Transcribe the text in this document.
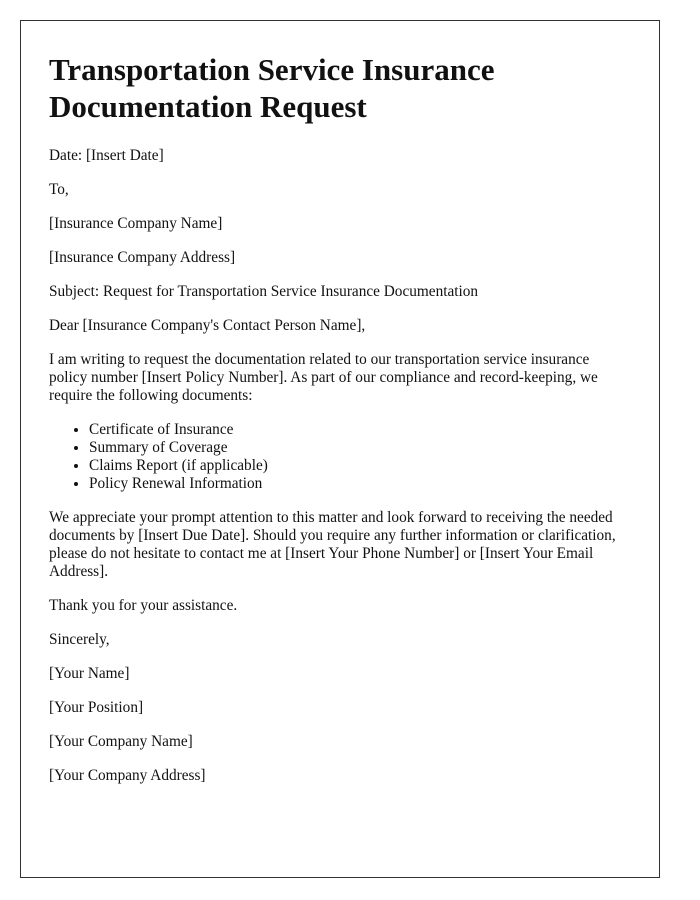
Transportation Service Insurance Documentation Request

Date: [Insert Date]

To,

[Insurance Company Name]

[Insurance Company Address]

Subject: Request for Transportation Service Insurance Documentation

Dear [Insurance Company's Contact Person Name],

I am writing to request the documentation related to our transportation service insurance policy number [Insert Policy Number]. As part of our compliance and record-keeping, we require the following documents:

• Certificate of Insurance
• Summary of Coverage
• Claims Report (if applicable)
• Policy Renewal Information

We appreciate your prompt attention to this matter and look forward to receiving the needed documents by [Insert Due Date]. Should you require any further information or clarification, please do not hesitate to contact me at [Insert Your Phone Number] or [Insert Your Email Address].

Thank you for your assistance.

Sincerely,

[Your Name]

[Your Position]

[Your Company Name]

[Your Company Address]
